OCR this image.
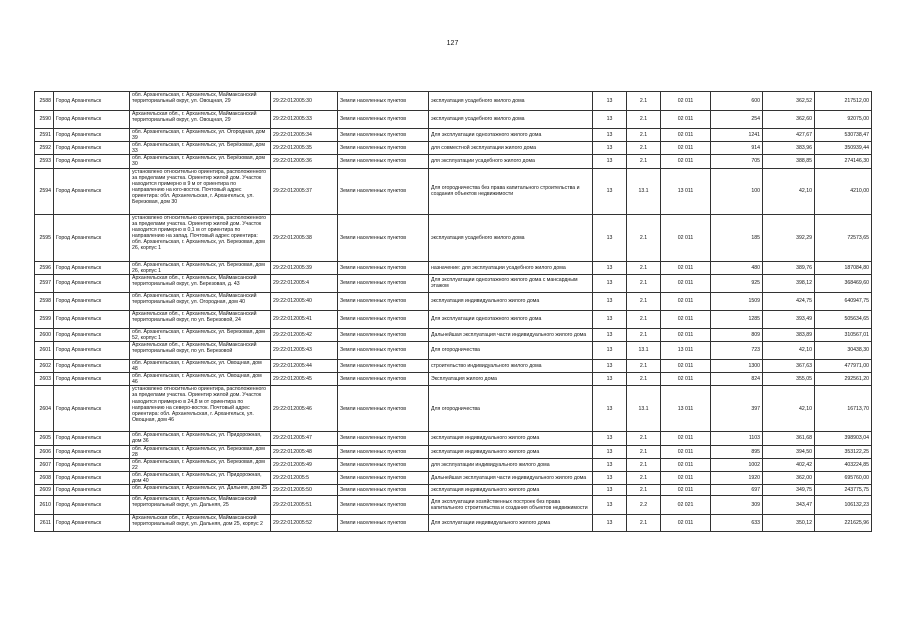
127
2588	Город Архангельск	обл. Архангельская, г. Архангельск, Маймаксанский территориальный округ, ул. Овощная, 29	29:22:012005:30	Земли населенных пунктов	эксплуатация усадебного жилого дома	13	2.1	02 011	600	362,52	217512,00
2590	Город Архангельск	Архангельская обл., г. Архангельск, Маймаксанский территориальный округ, ул. Овощная, 29	29:22:012005:33	Земли населенных пунктов	эксплуатация усадебного жилого дома	13	2.1	02 011	254	362,60	92075,00
2591	Город Архангельск	обл. Архангельская, г. Архангельск, ул. Огородная, дом 39	29:22:012005:34	Земли населенных пунктов	Для эксплуатации одноэтажного жилого дома	13	2.1	02 011	1241	427,67	530738,47
2592	Город Архангельск	обл. Архангельская, г. Архангельск, ул. Берёзовая, дом 33	29:22:012005:35	Земли населенных пунктов	для совместной эксплуатации жилого дома	13	2.1	02 011	914	383,96	350939,44
2593	Город Архангельск	обл. Архангельская, г. Архангельск, ул. Берёзовая, дом 30	29:22:012005:36	Земли населенных пунктов	для эксплуатации усадебного жилого дома	13	2.1	02 011	705	388,85	274146,30
2594	Город Архангельск	установлено относительно ориентира, расположенного за пределами участка. Ориентир жилой дом. Участок находится примерно в 9 м от ориентира по направлению на юго-восток. Почтовый адрес ориентира: обл. Архангельская, г. Архангельск, ул. Березовая, дом 30	29:22:012005:37	Земли населенных пунктов	Для огородничества без права капитального строительства и создания объектов недвижимости	13	13.1	13 011	100	42,10	4210,00
2595	Город Архангельск	установлено относительно ориентира, расположенного за пределами участка. Ориентир жилой дом. Участок находится примерно в 0,1 м от ориентира по направлению на запад. Почтовый адрес ориентира: обл. Архангельская, г. Архангельск, ул. Березовая, дом 26, корпус 1	29:22:012005:38	Земли населенных пунктов	эксплуатация усадебного жилого дома	13	2.1	02 011	185	392,29	72573,65
2596	Город Архангельск	обл. Архангельская, г. Архангельск, ул. Березовая, дом 26, корпус 1	29:22:012005:39	Земли населенных пунктов	назначение: для эксплуатации усадебного жилого дома	13	2.1	02 011	480	389,76	187084,80
2597	Город Архангельск	Архангельская обл., г. Архангельск, Маймаксанский территориальный округ, ул. Березовая, д. 43	29:22:012005:4	Земли населенных пунктов	Для эксплуатации одноэтажного жилого дома с мансардным этажом	13	2.1	02 011	925	398,12	368469,60
2598	Город Архангельск	обл. Архангельская, г. Архангельск, Маймаксанский территориальный округ, ул. Огородная, дом 40	29:22:012005:40	Земли населенных пунктов	эксплуатация индивидуального жилого дома	13	2.1	02 011	1509	424,75	640947,75
2599	Город Архангельск	Архангельская обл., г. Архангельск, Маймаксанский территориальный округ, по ул. Березовой, 24	29:22:012005:41	Земли населенных пунктов	Для эксплуатации одноэтажного жилого дома	13	2.1	02 011	1285	393,49	505634,65
2600	Город Архангельск	обл. Архангельская, г. Архангельск, ул. Березовая, дом 52, корпус 1	29:22:012005:42	Земли населенных пунктов	Дальнейшая эксплуатация части индивидуального жилого дома	13	2.1	02 011	809	383,89	310567,01
2601	Город Архангельск	Архангельская обл., г. Архангельск, Маймаксанский территориальный округ, по ул. Березовой	29:22:012005:43	Земли населенных пунктов	Для огородничества	13	13.1	13 011	723	42,10	30438,30
2602	Город Архангельск	обл. Архангельская, г. Архангельск, ул. Овощная, дом 48	29:22:012005:44	Земли населенных пунктов	строительство индивидуального жилого дома	13	2.1	02 011	1300	367,63	477971,00
2603	Город Архангельск	обл. Архангельская, г. Архангельск, ул. Овощная, дом 46	29:22:012005:45	Земли населенных пунктов	Эксплуатация жилого дома	13	2.1	02 011	824	355,05	292561,20
2604	Город Архангельск	установлено относительно ориентира, расположенного за пределами участка. Ориентир жилой дом. Участок находится примерно в 24,8 м от ориентира по направлению на северо-восток. Почтовый адрес ориентира: обл. Архангельская, г. Архангельск, ул. Овощная, дом 46	29:22:012005:46	Земли населенных пунктов	Для огородничества	13	13.1	13 011	397	42,10	16713,70
2605	Город Архангельск	обл. Архангельская, г. Архангельск, ул. Придорожная, дом 36	29:22:012005:47	Земли населенных пунктов	эксплуатация индивидуального жилого дома	13	2.1	02 011	1103	361,68	398903,04
2606	Город Архангельск	обл. Архангельская, г. Архангельск, ул. Березовая, дом 28	29:22:012005:48	Земли населенных пунктов	эксплуатация индивидуального жилого дома	13	2.1	02 011	895	394,50	353122,25
2607	Город Архангельск	обл. Архангельская, г. Архангельск, ул. Березовая, дом 22	29:22:012005:49	Земли населенных пунктов	для эксплуатации индивидуального жилого дома	13	2.1	02 011	1002	402,42	403224,85
2608	Город Архангельск	обл. Архангельская, г. Архангельск, ул. Придорожная, дом 40	29:22:012005:5	Земли населенных пунктов	Дальнейшая эксплуатация части индивидуального жилого дома	13	2.1	02 011	1920	362,00	695760,00
2609	Город Архангельск	обл. Архангельская, г. Архангельск, ул. Дальняя, дом 25	29:22:012005:50	Земли населенных пунктов	эксплуатация индивидуального жилого дома	13	2.1	02 011	697	349,75	243775,75
2610	Город Архангельск	обл. Архангельская, г. Архангельск, Маймаксанский территориальный округ, ул. Дальняя, 25	29:22:012005:51	Земли населенных пунктов	Для эксплуатации хозяйственных построек без права капитального строительства и создания объектов недвижимости	13	2.2	02 021	309	343,47	106132,23
2611	Город Архангельск	Архангельская обл., г. Архангельск, Маймаксанский территориальный округ, ул. Дальняя, дом 25, корпус 2	29:22:012005:52	Земли населенных пунктов	Для эксплуатации индивидуального жилого дома	13	2.1	02 011	633	350,12	221625,96
